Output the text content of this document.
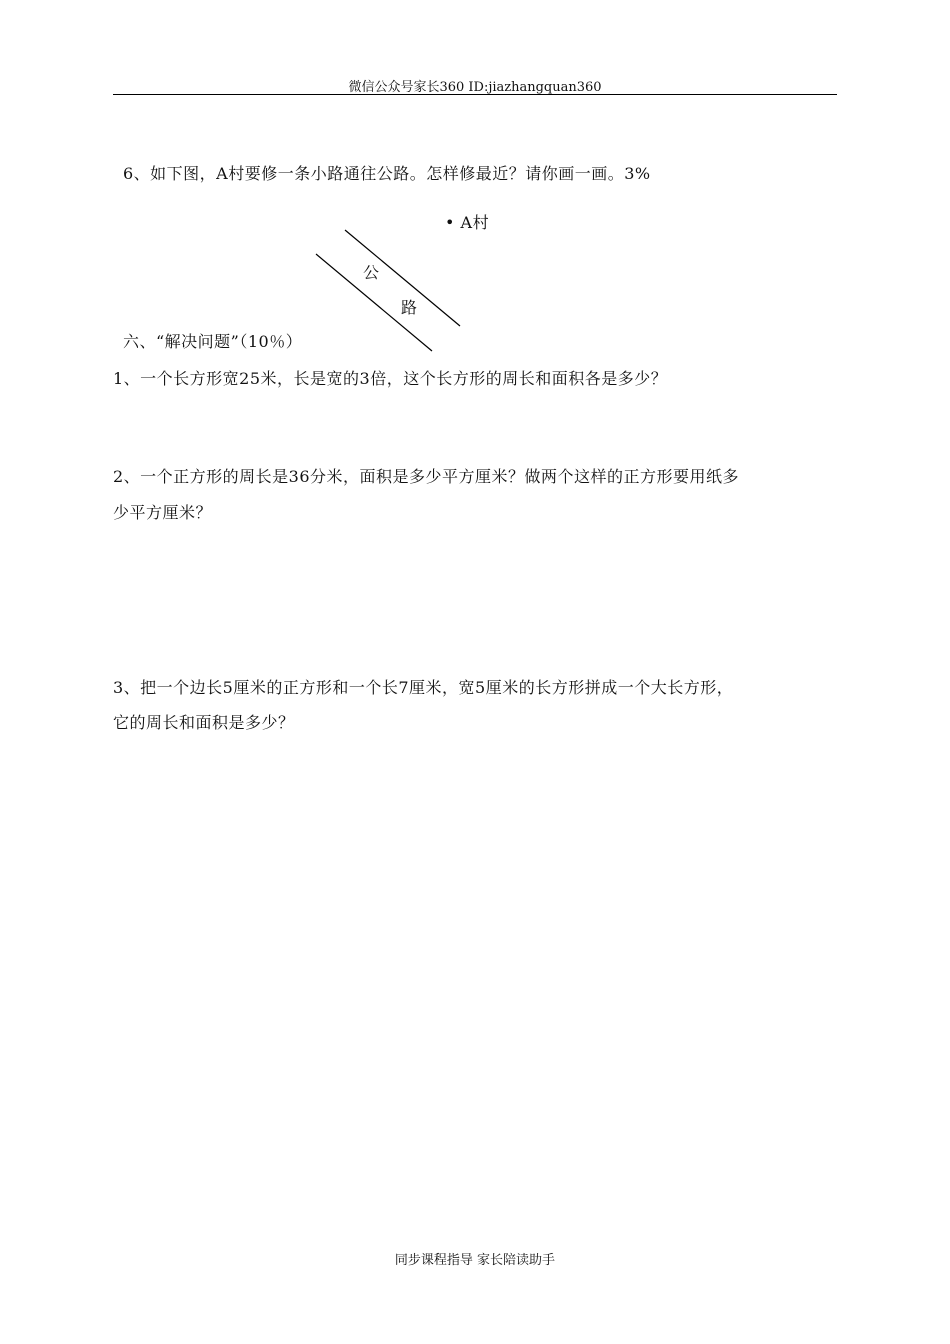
微信公众号家长360 ID:jiazhangquan360
6、如下图，A村要修一条小路通往公路。怎样修最近？请你画一画。3%
• A村
公
路
六、“解决问题”（10％）
1、一个长方形宽25米，长是宽的3倍，这个长方形的周长和面积各是多少？
2、一个正方形的周长是36分米，面积是多少平方厘米？做两个这样的正方形要用纸多
少平方厘米？
3、把一个边长5厘米的正方形和一个长7厘米，宽5厘米的长方形拼成一个大长方形，
它的周长和面积是多少？
同步课程指导 家长陪读助手
